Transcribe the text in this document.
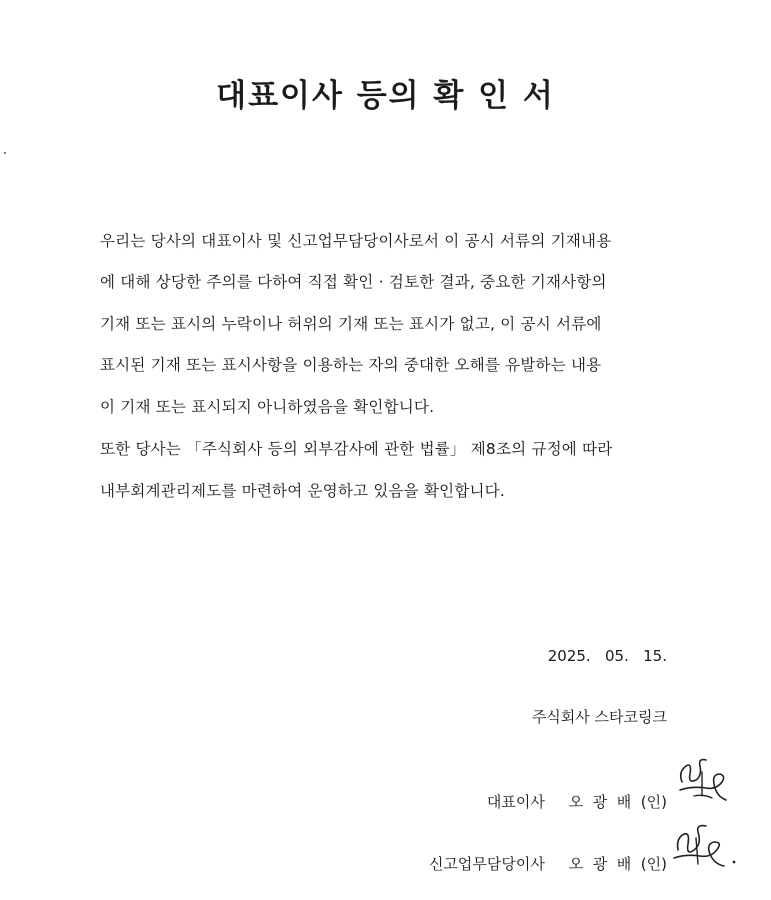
대표이사 등의 확 인 서
우리는 당사의 대표이사 및 신고업무담당이사로서 이 공시 서류의 기재내용
에 대해 상당한 주의를 다하여 직접 확인 · 검토한 결과, 중요한 기재사항의
기재 또는 표시의 누락이나 허위의 기재 또는 표시가 없고, 이 공시 서류에
표시된 기재 또는 표시사항을 이용하는 자의 중대한 오해를 유발하는 내용
이 기재 또는 표시되지 아니하였음을 확인합니다.
또한 당사는 「주식회사 등의 외부감사에 관한 법률」 제8조의 규정에 따라
내부회계관리제도를 마련하여 운영하고 있음을 확인합니다.
2025.   05.   15.
주식회사 스타코링크

대표이사 오  광  배 (인)

신고업무담당이사 오  광  배 (인)
